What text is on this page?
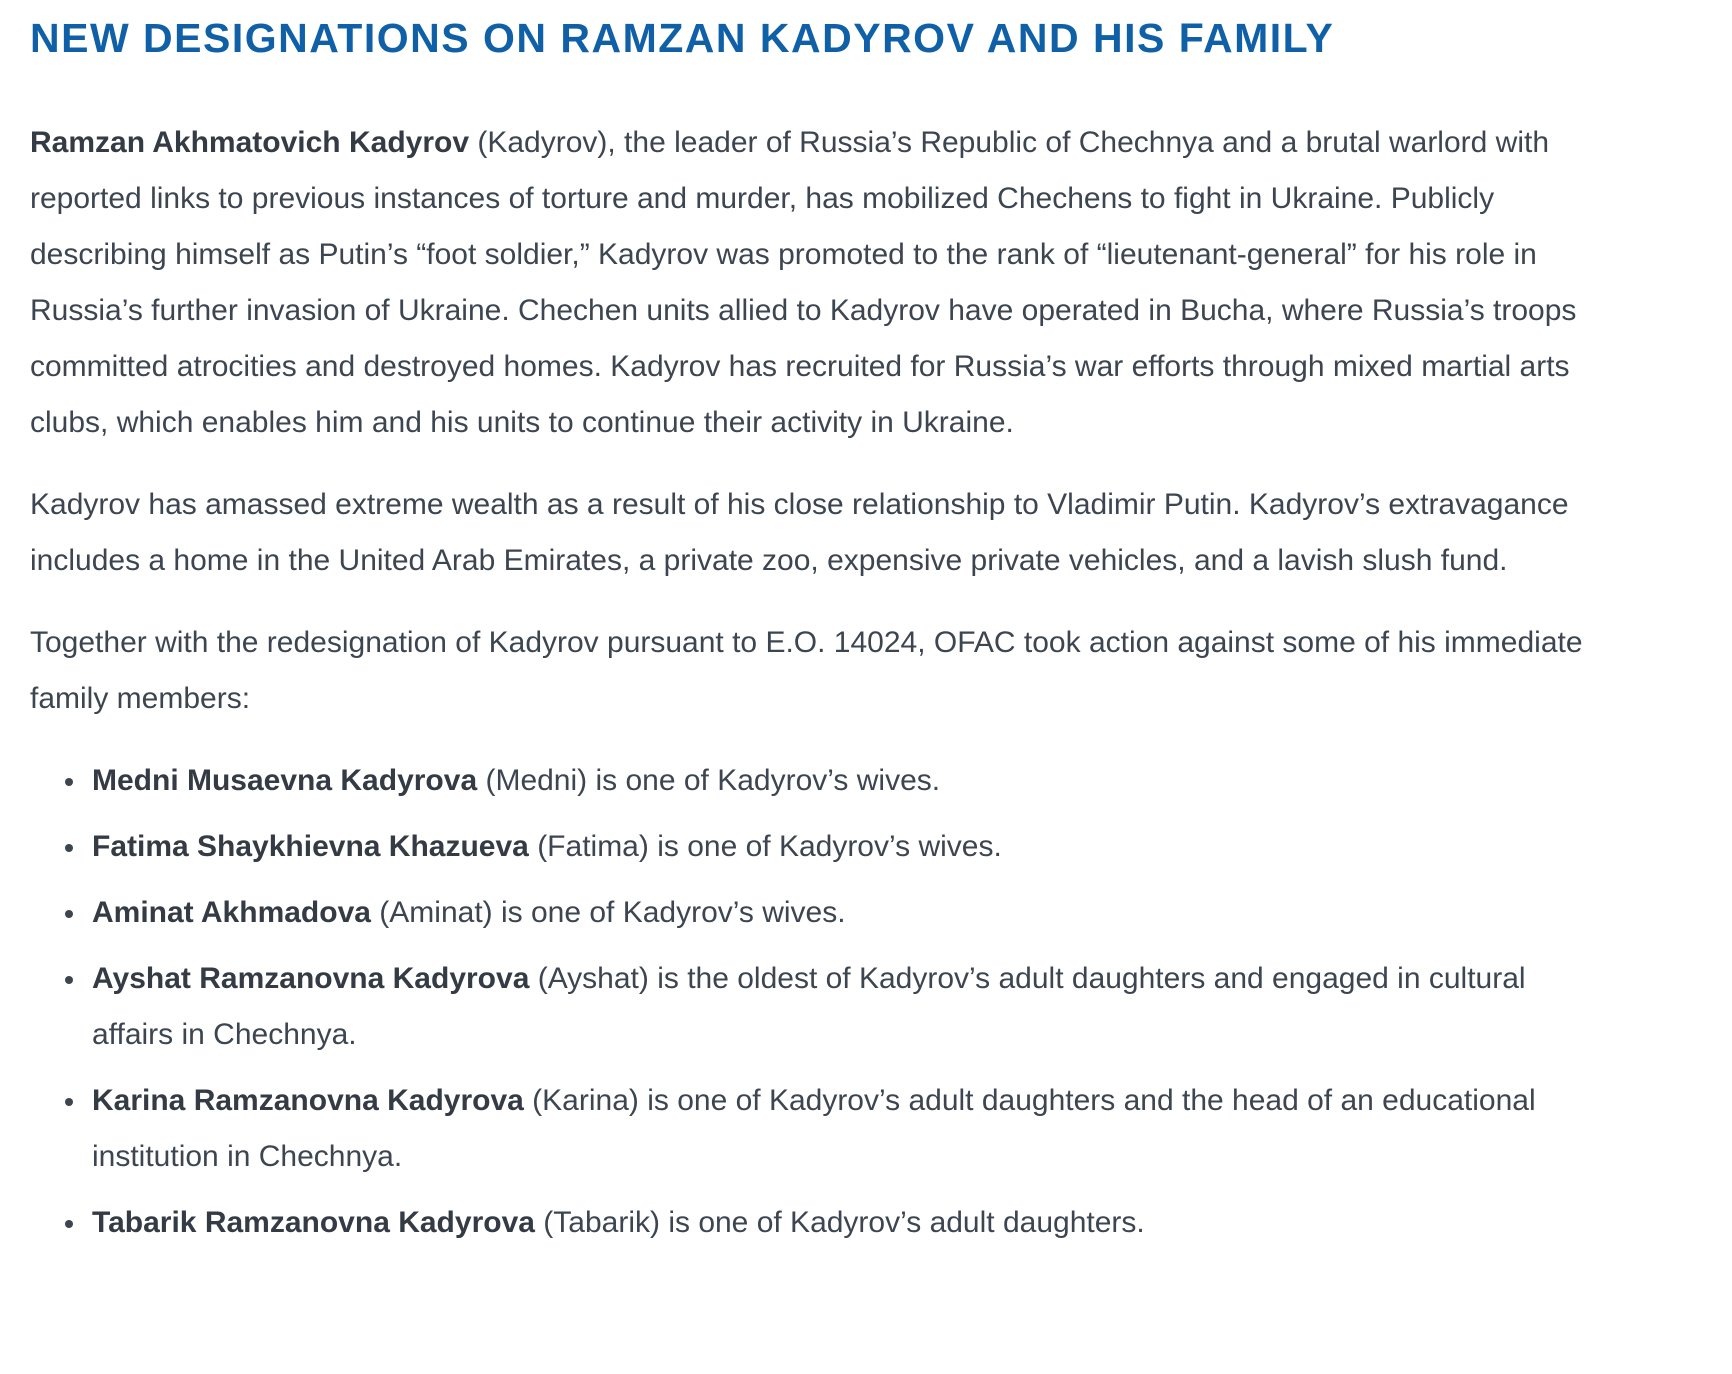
NEW DESIGNATIONS ON RAMZAN KADYROV AND HIS FAMILY

Ramzan Akhmatovich Kadyrov (Kadyrov), the leader of Russia’s Republic of Chechnya and a brutal warlord with reported links to previous instances of torture and murder, has mobilized Chechens to fight in Ukraine. Publicly describing himself as Putin’s “foot soldier,” Kadyrov was promoted to the rank of “lieutenant-general” for his role in Russia’s further invasion of Ukraine. Chechen units allied to Kadyrov have operated in Bucha, where Russia’s troops committed atrocities and destroyed homes. Kadyrov has recruited for Russia’s war efforts through mixed martial arts clubs, which enables him and his units to continue their activity in Ukraine.

Kadyrov has amassed extreme wealth as a result of his close relationship to Vladimir Putin. Kadyrov’s extravagance includes a home in the United Arab Emirates, a private zoo, expensive private vehicles, and a lavish slush fund.

Together with the redesignation of Kadyrov pursuant to E.O. 14024, OFAC took action against some of his immediate family members:

• Medni Musaevna Kadyrova (Medni) is one of Kadyrov’s wives.
• Fatima Shaykhievna Khazueva (Fatima) is one of Kadyrov’s wives.
• Aminat Akhmadova (Aminat) is one of Kadyrov’s wives.
• Ayshat Ramzanovna Kadyrova (Ayshat) is the oldest of Kadyrov’s adult daughters and engaged in cultural affairs in Chechnya.
• Karina Ramzanovna Kadyrova (Karina) is one of Kadyrov’s adult daughters and the head of an educational institution in Chechnya.
• Tabarik Ramzanovna Kadyrova (Tabarik) is one of Kadyrov’s adult daughters.
